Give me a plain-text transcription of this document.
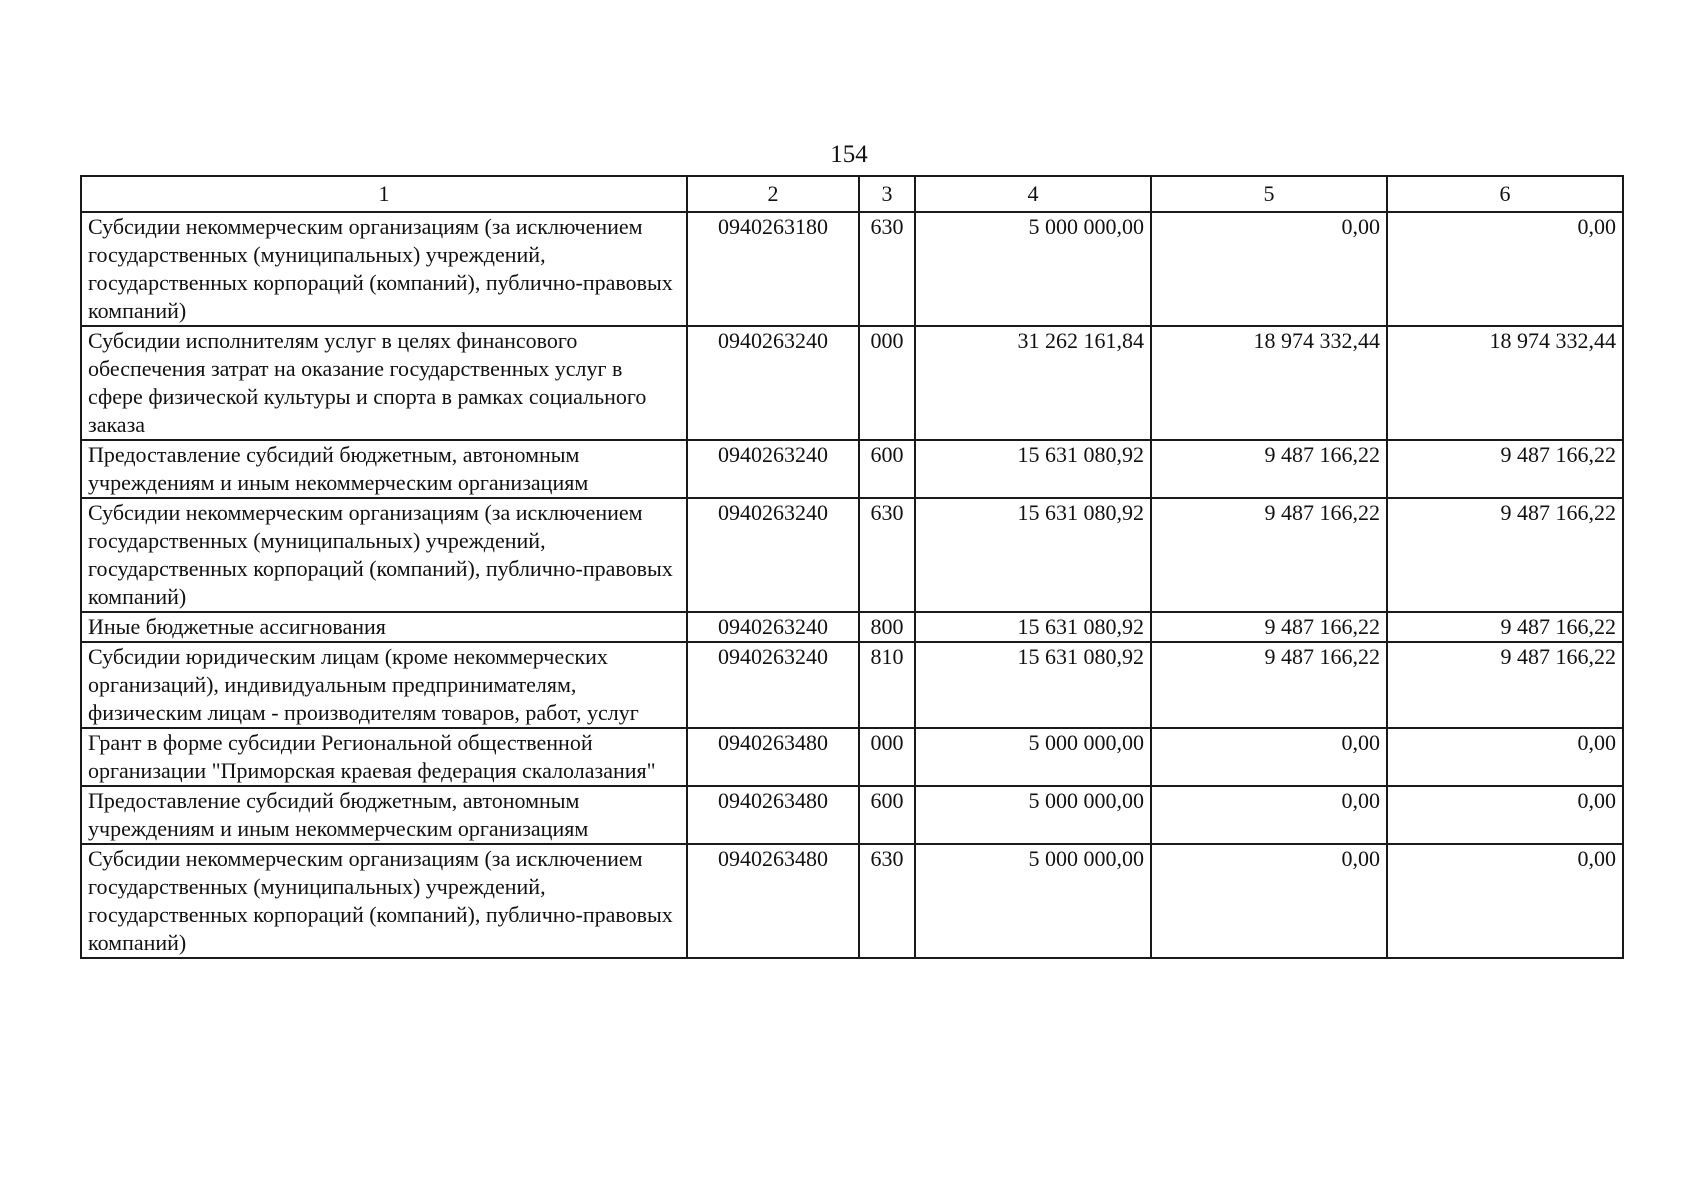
154
1	2	3	4	5	6
Субсидии некоммерческим организациям (за исключением государственных (муниципальных) учреждений, государственных корпораций (компаний), публично-правовых компаний)	0940263180	630	5 000 000,00	0,00	0,00
Субсидии исполнителям услуг в целях финансового обеспечения затрат на оказание государственных услуг в сфере физической культуры и спорта в рамках социального заказа	0940263240	000	31 262 161,84	18 974 332,44	18 974 332,44
Предоставление субсидий бюджетным, автономным учреждениям и иным некоммерческим организациям	0940263240	600	15 631 080,92	9 487 166,22	9 487 166,22
Субсидии некоммерческим организациям (за исключением государственных (муниципальных) учреждений, государственных корпораций (компаний), публично-правовых компаний)	0940263240	630	15 631 080,92	9 487 166,22	9 487 166,22
Иные бюджетные ассигнования	0940263240	800	15 631 080,92	9 487 166,22	9 487 166,22
Субсидии юридическим лицам (кроме некоммерческих организаций), индивидуальным предпринимателям, физическим лицам - производителям товаров, работ, услуг	0940263240	810	15 631 080,92	9 487 166,22	9 487 166,22
Грант в форме субсидии Региональной общественной организации "Приморская краевая федерация скалолазания"	0940263480	000	5 000 000,00	0,00	0,00
Предоставление субсидий бюджетным, автономным учреждениям и иным некоммерческим организациям	0940263480	600	5 000 000,00	0,00	0,00
Субсидии некоммерческим организациям (за исключением государственных (муниципальных) учреждений, государственных корпораций (компаний), публично-правовых компаний)	0940263480	630	5 000 000,00	0,00	0,00
